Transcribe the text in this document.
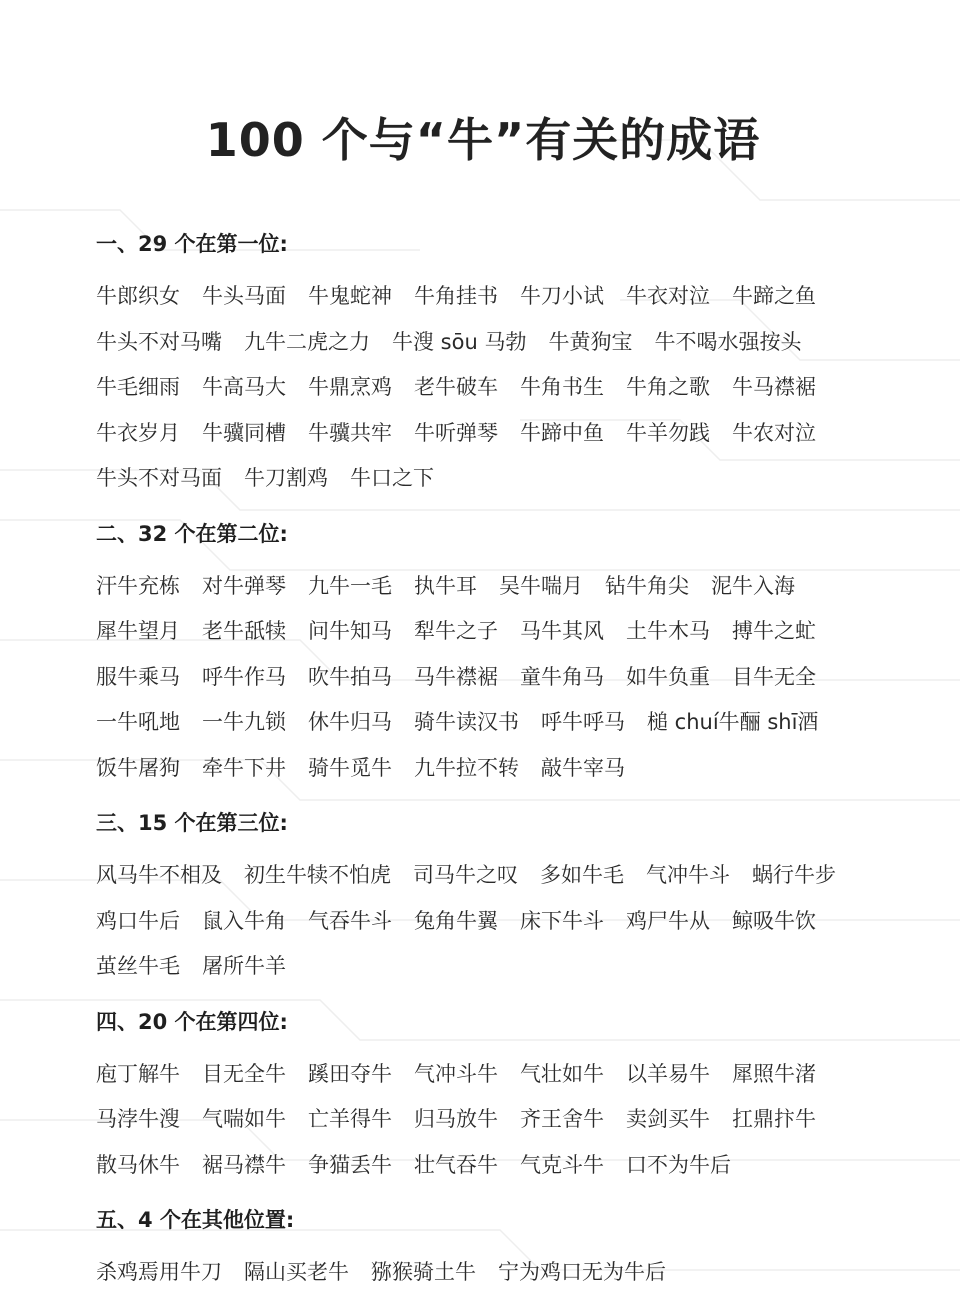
100 个与“牛”有关的成语
一、29 个在第一位:
牛郎织女 牛头马面 牛鬼蛇神 牛角挂书 牛刀小试 牛衣对泣 牛蹄之鱼
牛头不对马嘴 九牛二虎之力 牛溲 sōu 马勃 牛黄狗宝 牛不喝水强按头
牛毛细雨 牛高马大 牛鼎烹鸡 老牛破车 牛角书生 牛角之歌 牛马襟裾
牛衣岁月 牛骥同槽 牛骥共牢 牛听弹琴 牛蹄中鱼 牛羊勿践 牛农对泣
牛头不对马面 牛刀割鸡 牛口之下
二、32 个在第二位:
汗牛充栋 对牛弹琴 九牛一毛 执牛耳 吴牛喘月 钻牛角尖 泥牛入海
犀牛望月 老牛舐犊 问牛知马 犁牛之子 马牛其风 土牛木马 搏牛之虻
服牛乘马 呼牛作马 吹牛拍马 马牛襟裾 童牛角马 如牛负重 目牛无全
一牛吼地 一牛九锁 休牛归马 骑牛读汉书 呼牛呼马 槌 chuí牛酾 shī酒
饭牛屠狗 牵牛下井 骑牛觅牛 九牛拉不转 敲牛宰马
三、15 个在第三位:
风马牛不相及 初生牛犊不怕虎 司马牛之叹 多如牛毛 气冲牛斗 蜗行牛步
鸡口牛后 鼠入牛角 气吞牛斗 兔角牛翼 床下牛斗 鸡尸牛从 鲸吸牛饮
茧丝牛毛 屠所牛羊
四、20 个在第四位:
庖丁解牛 目无全牛 蹊田夺牛 气冲斗牛 气壮如牛 以羊易牛 犀照牛渚
马浡牛溲 气喘如牛 亡羊得牛 归马放牛 齐王舍牛 卖剑买牛 扛鼎抃牛
散马休牛 裾马襟牛 争猫丢牛 壮气吞牛 气克斗牛 口不为牛后
五、4 个在其他位置:
杀鸡焉用牛刀 隔山买老牛 猕猴骑土牛 宁为鸡口无为牛后
